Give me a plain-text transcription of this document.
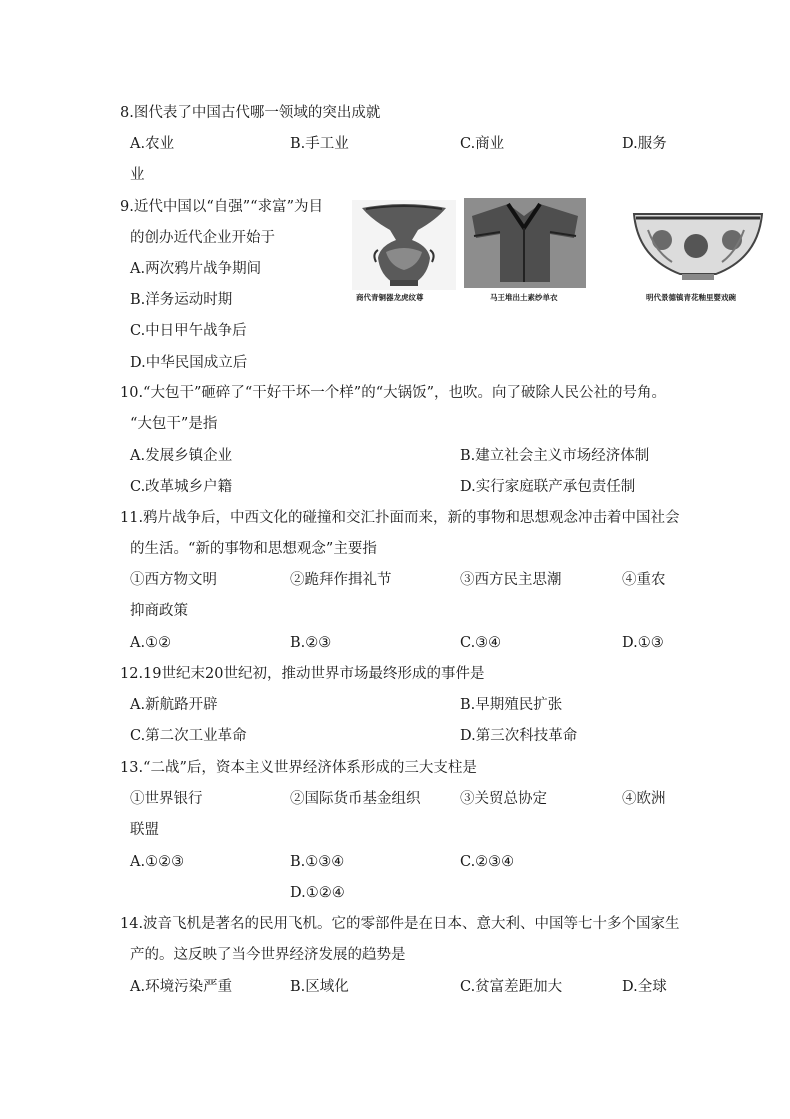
8.图代表了中国古代哪一领域的突出成就
A.农业	B.手工业	C.商业	D.服务
业
9.近代中国以“自强”“求富”为目
的创办近代企业开始于
A.两次鸦片战争期间
B.洋务运动时期
C.中日甲午战争后
D.中华民国成立后
商代青铜器龙虎纹尊	马王堆出土素纱单衣	明代景德镇青花釉里婴戏碗
10.“大包干”砸碎了“干好干坏一个样”的“大锅饭”，也吹。向了破除人民公社的号角。
“大包干”是指
A.发展乡镇企业	B.建立社会主义市场经济体制
C.改革城乡户籍	D.实行家庭联产承包责任制
11.鸦片战争后，中西文化的碰撞和交汇扑面而来，新的事物和思想观念冲击着中国社会
的生活。“新的事物和思想观念”主要指
①西方物文明	②跪拜作揖礼节	③西方民主思潮	④重农
抑商政策
A.①②	B.②③	C.③④	D.①③
12.19世纪末20世纪初，推动世界市场最终形成的事件是
A.新航路开辟	B.早期殖民扩张
C.第二次工业革命	D.第三次科技革命
13.“二战”后，资本主义世界经济体系形成的三大支柱是
①世界银行	②国际货币基金组织	③关贸总协定	④欧洲
联盟
A.①②③	B.①③④	C.②③④
D.①②④
14.波音飞机是著名的民用飞机。它的零部件是在日本、意大利、中国等七十多个国家生
产的。这反映了当今世界经济发展的趋势是
A.环境污染严重	B.区域化	C.贫富差距加大	D.全球
